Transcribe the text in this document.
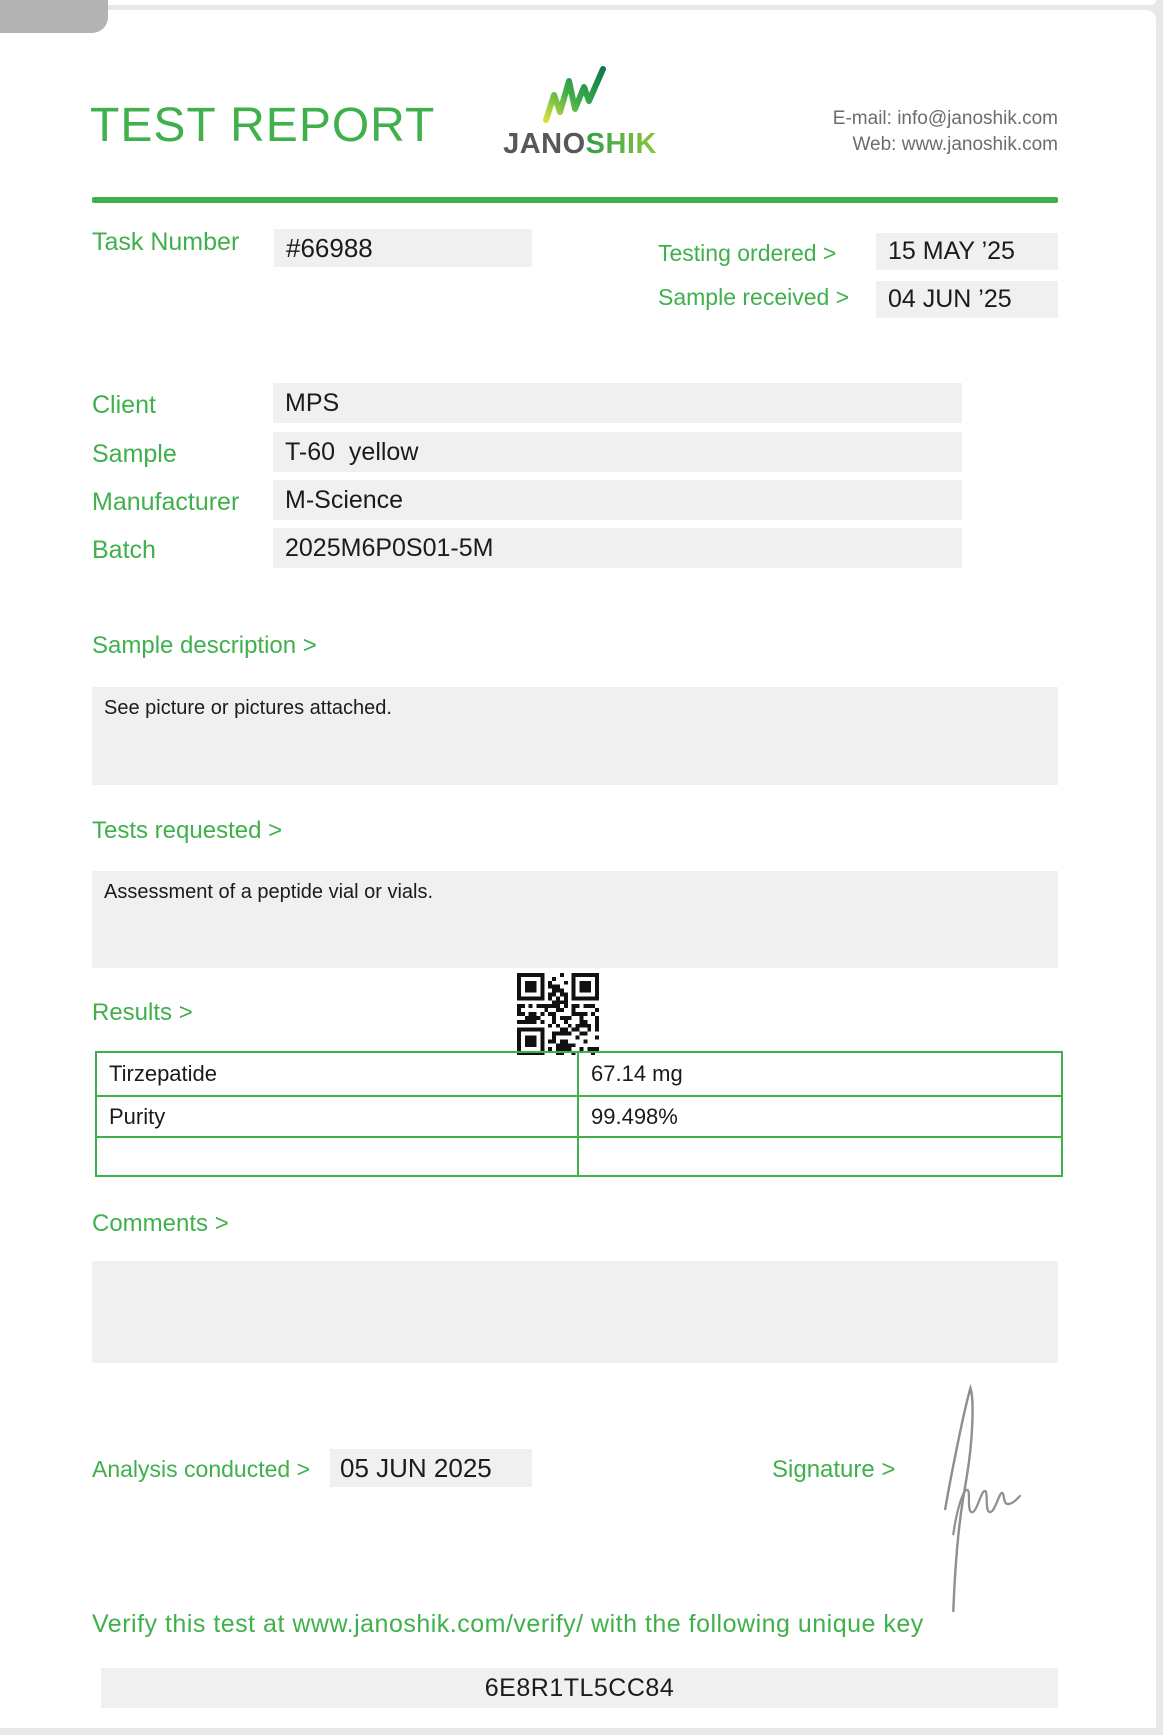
TEST REPORT	JANOSHIK
E-mail: info@janoshik.com
Web: www.janoshik.com
Task Number	#66988	Testing ordered >	15 MAY ’25
Sample received >	04 JUN ’25
Client	MPS
Sample	T-60  yellow
Manufacturer	M-Science
Batch	2025M6P0S01-5M
Sample description >
See picture or pictures attached.
Tests requested >
Assessment of a peptide vial or vials.
Results >
Tirzepatide	67.14 mg
Purity	99.498%
Comments >
Analysis conducted >	05 JUN 2025	Signature >
Verify this test at www.janoshik.com/verify/ with the following unique key
6E8R1TL5CC84
